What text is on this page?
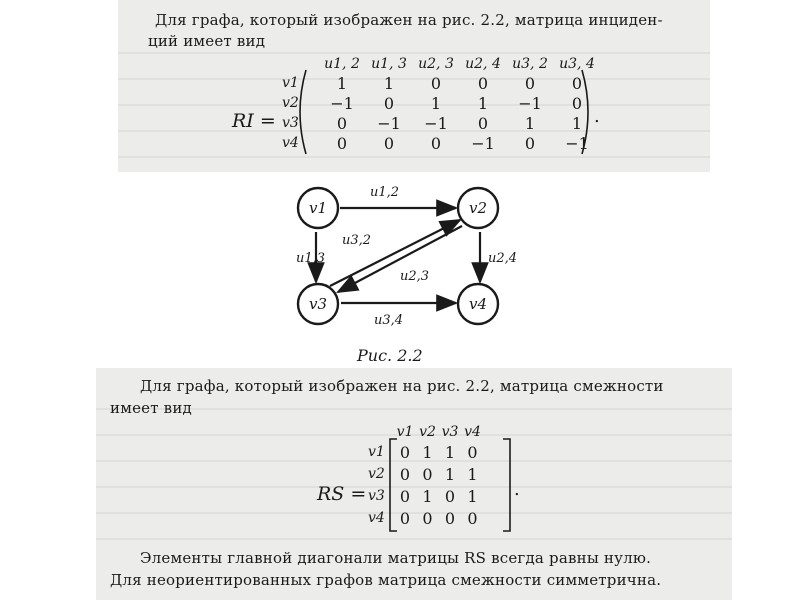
Для графа, который изображен на рис. 2.2, матрица инциден-
ций имеет вид
RI =
u1, 2 u1, 3 u2, 3 u2, 4 u3, 2 u3, 4
v1	1	1	0	0	0	0
v2	−1	0	1	1	−1	0
v3	0	−1	−1	0	1	1
v4	0	0	0	−1	0	−1
.
v1	v2
v3	v4
u1,2
u1,3
u2,3
u2,4
u3,2
u3,4
Рис. 2.2
Для графа, который изображен на рис. 2.2, матрица смежности
имеет вид
RS =
v1 v2 v3 v4
v1 0 1 1 0
v2 0 0 1 1
v3 0 1 0 1
v4 0 0 0 0
.
Элементы главной диагонали матрицы RS всегда равны нулю.
Для неориентированных графов матрица смежности симметрична.
